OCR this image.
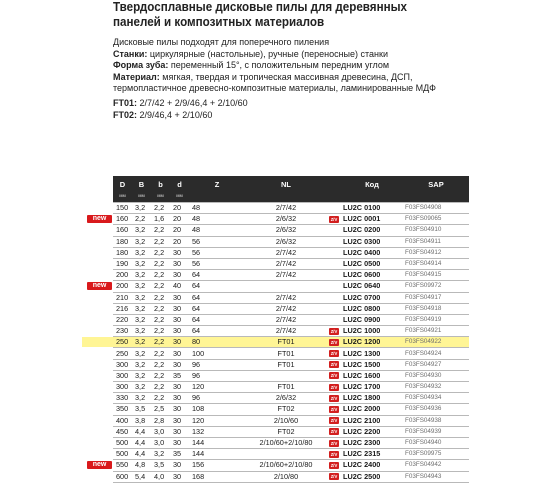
Твердосплавные дисковые пилы для деревянных панелей и композитных материалов
Дисковые пилы подходят для поперечного пиления
Станки: циркулярные (настольные), ручные (переносные) станки
Форма зуба: переменный 15°, с положительным передним углом
Материал: мягкая, твердая и тропическая массивная древесина, ДСП, термопластичное древесно-композитные материалы, ламинированные МДФ
FT01: 2/7/42 + 2/9/46,4 + 2/10/60
FT02: 2/9/46,4 + 2/10/60
new
new
new
D	B	b	d	Z	NL		Код	SAP
мм	мм	мм	мм					
150	3,2	2,2	20	48	2/7/42		LU2C 0100	F03FS04908
160	2,2	1,6	20	48	2/6/32	Z/V	LU2C 0001	F03FS09065
160	3,2	2,2	20	48	2/6/32		LU2C 0200	F03FS04910
180	3,2	2,2	20	56	2/6/32		LU2C 0300	F03FS04911
180	3,2	2,2	30	56	2/7/42		LU2C 0400	F03FS04912
190	3,2	2,2	30	56	2/7/42		LU2C 0500	F03FS04914
200	3,2	2,2	30	64	2/7/42		LU2C 0600	F03FS04915
200	3,2	2,2	40	64			LU2C 0640	F03FS09972
210	3,2	2,2	30	64	2/7/42		LU2C 0700	F03FS04917
216	3,2	2,2	30	64	2/7/42		LU2C 0800	F03FS04918
220	3,2	2,2	30	64	2/7/42		LU2C 0900	F03FS04919
230	3,2	2,2	30	64	2/7/42	Z/V	LU2C 1000	F03FS04921
250	3,2	2,2	30	80	FT01	Z/V	LU2C 1200	F03FS04922
250	3,2	2,2	30	100	FT01	Z/V	LU2C 1300	F03FS04924
300	3,2	2,2	30	96	FT01	Z/V	LU2C 1500	F03FS04927
300	3,2	2,2	35	96		Z/V	LU2C 1600	F03FS04930
300	3,2	2,2	30	120	FT01	Z/V	LU2C 1700	F03FS04932
330	3,2	2,2	30	96	2/6/32	Z/V	LU2C 1800	F03FS04934
350	3,5	2,5	30	108	FT02	Z/V	LU2C 2000	F03FS04936
400	3,8	2,8	30	120	2/10/60	Z/V	LU2C 2100	F03FS04938
450	4,4	3,0	30	132	FT02	Z/V	LU2C 2200	F03FS04939
500	4,4	3,0	30	144	2/10/60+2/10/80	Z/V	LU2C 2300	F03FS04940
500	4,4	3,2	35	144		Z/V	LU2C 2315	F03FS09975
550	4,8	3,5	30	156	2/10/60+2/10/80	Z/V	LU2C 2400	F03FS04942
600	5,4	4,0	30	168	2/10/80	Z/V	LU2C 2500	F03FS04943
